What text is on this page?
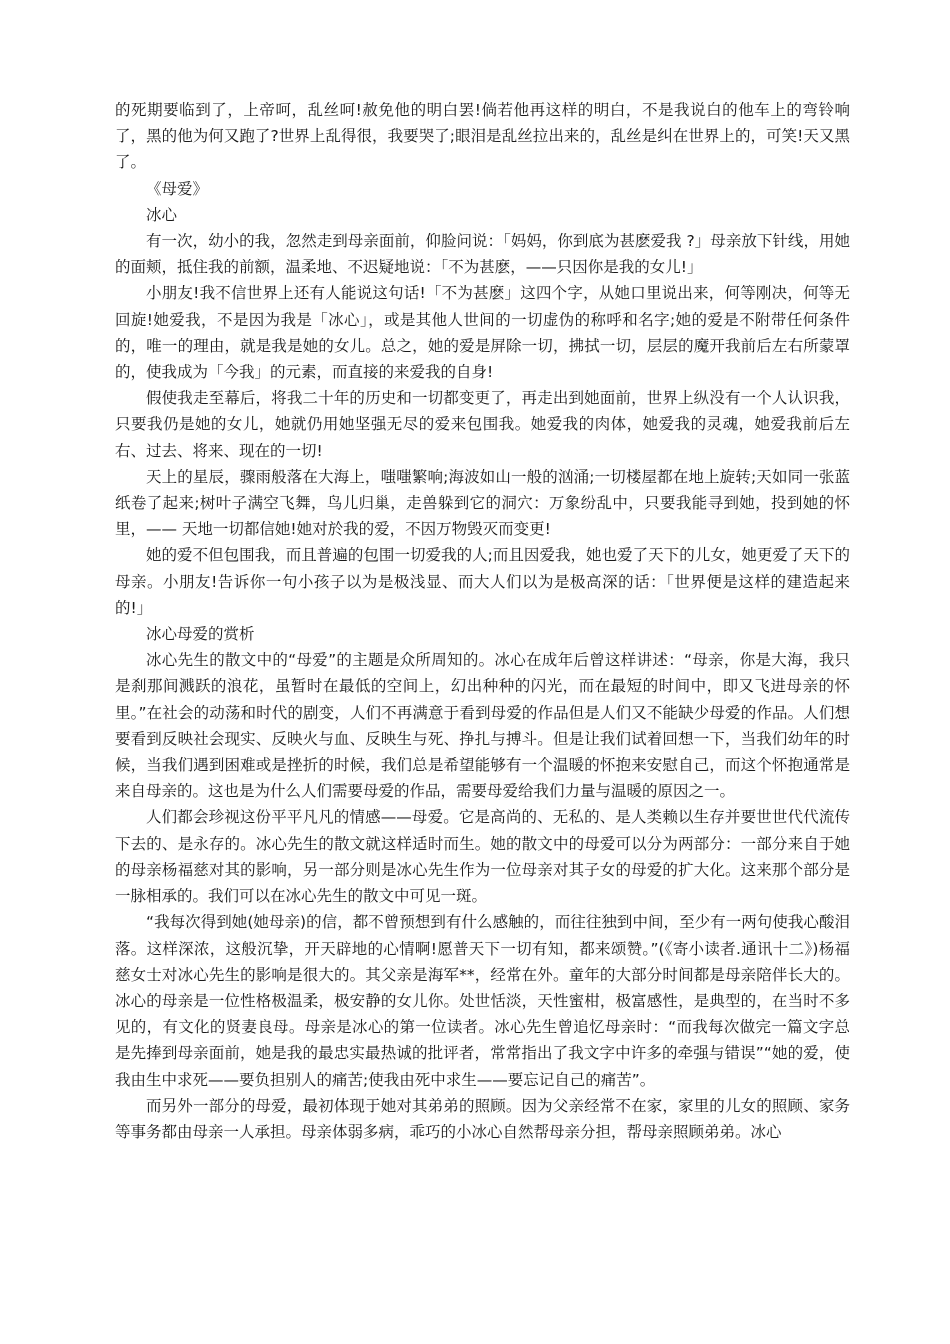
的死期要临到了，上帝呵，乱丝呵!赦免他的明白罢!倘若他再这样的明白，不是我说白的他车上的弯铃响了，黑的他为何又跑了?世界上乱得很，我要哭了;眼泪是乱丝拉出来的，乱丝是纠在世界上的，可笑!天又黑了。

《母爱》

冰心

有一次，幼小的我，忽然走到母亲面前，仰脸问说：「妈妈，你到底为甚麽爱我 ?」母亲放下针线，用她的面颊，抵住我的前额，温柔地、不迟疑地说：「不为甚麽，——只因你是我的女儿!」

小朋友!我不信世界上还有人能说这句话!「不为甚麽」这四个字，从她口里说出来，何等刚决，何等无回旋!她爱我，不是因为我是「冰心」，或是其他人世间的一切虚伪的称呼和名字;她的爱是不附带任何条件的，唯一的理由，就是我是她的女儿。总之，她的爱是屏除一切，拂拭一切，层层的魔开我前后左右所蒙罩的，使我成为「今我」的元素，而直接的来爱我的自身!

假使我走至幕后，将我二十年的历史和一切都变更了，再走出到她面前，世界上纵没有一个人认识我，只要我仍是她的女儿，她就仍用她坚强无尽的爱来包围我。她爱我的肉体，她爱我的灵魂，她爱我前后左右、过去、将来、现在的一切!

天上的星辰，骤雨般落在大海上，嗤嗤繁响;海波如山一般的汹涌;一切楼屋都在地上旋转;天如同一张蓝纸卷了起来;树叶子满空飞舞，鸟儿归巢，走兽躲到它的洞穴：万象纷乱中，只要我能寻到她，投到她的怀里，—— 天地一切都信她!她对於我的爱，不因万物毁灭而变更!

她的爱不但包围我，而且普遍的包围一切爱我的人;而且因爱我，她也爱了天下的儿女，她更爱了天下的母亲。小朋友!告诉你一句小孩子以为是极浅显、而大人们以为是极高深的话：「世界便是这样的建造起来的!」

冰心母爱的赏析

冰心先生的散文中的“母爱”的主题是众所周知的。冰心在成年后曾这样讲述：“母亲，你是大海，我只是刹那间溅跃的浪花，虽暂时在最低的空间上，幻出种种的闪光，而在最短的时间中，即又飞进母亲的怀里。”在社会的动荡和时代的剧变，人们不再满意于看到母爱的作品但是人们又不能缺少母爱的作品。人们想要看到反映社会现实、反映火与血、反映生与死、挣扎与搏斗。但是让我们试着回想一下，当我们幼年的时候，当我们遇到困难或是挫折的时候，我们总是希望能够有一个温暖的怀抱来安慰自己，而这个怀抱通常是来自母亲的。这也是为什么人们需要母爱的作品，需要母爱给我们力量与温暖的原因之一。

人们都会珍视这份平平凡凡的情感——母爱。它是高尚的、无私的、是人类赖以生存并要世世代代流传下去的、是永存的。冰心先生的散文就这样适时而生。她的散文中的母爱可以分为两部分：一部分来自于她的母亲杨福慈对其的影响，另一部分则是冰心先生作为一位母亲对其子女的母爱的扩大化。这来那个部分是一脉相承的。我们可以在冰心先生的散文中可见一斑。

“我每次得到她(她母亲)的信，都不曾预想到有什么感触的，而往往独到中间，至少有一两句使我心酸泪落。这样深浓，这般沉挚，开天辟地的心情啊!愿普天下一切有知，都来颂赞。”(《寄小读者.通讯十二》)杨福慈女士对冰心先生的影响是很大的。其父亲是海军**，经常在外。童年的大部分时间都是母亲陪伴长大的。冰心的母亲是一位性格极温柔，极安静的女儿你。处世恬淡，天性蜜柑，极富感性，是典型的，在当时不多见的，有文化的贤妻良母。母亲是冰心的第一位读者。冰心先生曾追忆母亲时：“而我每次做完一篇文字总是先捧到母亲面前，她是我的最忠实最热诚的批评者，常常指出了我文字中许多的牵强与错误”“她的爱，使我由生中求死——要负担别人的痛苦;使我由死中求生——要忘记自己的痛苦”。

而另外一部分的母爱，最初体现于她对其弟弟的照顾。因为父亲经常不在家，家里的儿女的照顾、家务等事务都由母亲一人承担。母亲体弱多病，乖巧的小冰心自然帮母亲分担，帮母亲照顾弟弟。冰心
